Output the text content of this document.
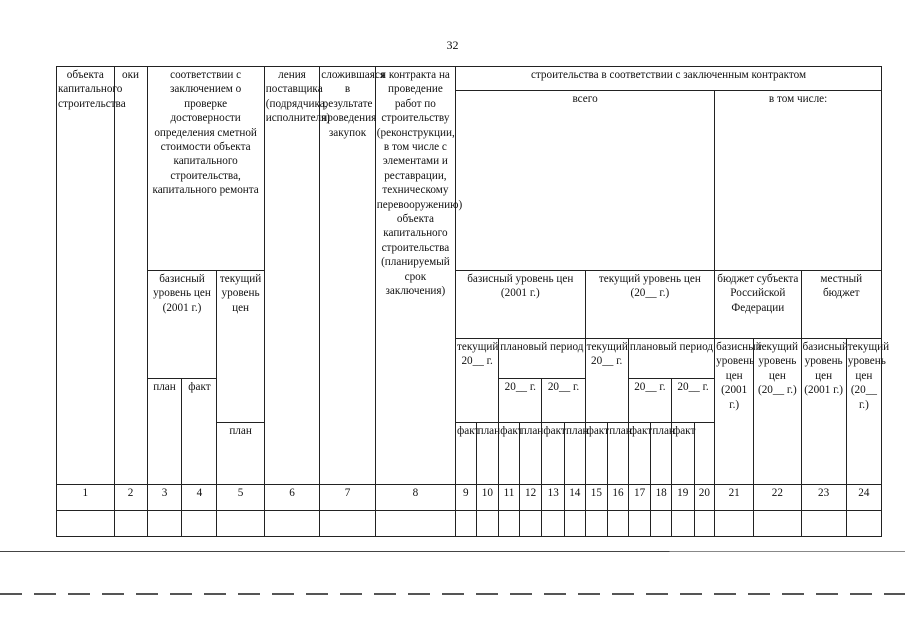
32
объекта капитального строительства	оки	соответствии с заключением о проверке достоверности определения сметной стоимости объекта капитального строительства, капитального ремонта			ления поставщика (подрядчика, исполнителя)	сложившаяся в результате проведения закупок	я контракта на проведение работ по строительству (реконструкции, в том числе с элементами и реставрации, техническому перевооружению) объекта капитального строительства (планируемый срок заключения)	строительства в соответствии с заключенным контрактом															
								всего												в том числе:			
								базисный уровень цен (2001 г.)						текущий уровень цен (20__ г.)						бюджет субъекта Российской Федерации		местный бюджет	
		базисный уровень цен (2001 г.)		текущий уровень цен																			
								текущий 20__ г.		плановый период				текущий 20__ г.		плановый период				базисный уровень цен (2001 г.)	текущий уровень цен (20__ г.)	базисный уровень цен (2001 г.)	текущий уровень цен (20__ г.)
		план	факт							20__ г.		20__ г.				20__ г.		20__ г.					
				план				факт	план	факт	план	факт	план	факт	план	факт	план	факт					
1	2	3	4	5	6	7	8	9	10	11	12	13	14	15	16	17	18	19	20	21	22	23	24
